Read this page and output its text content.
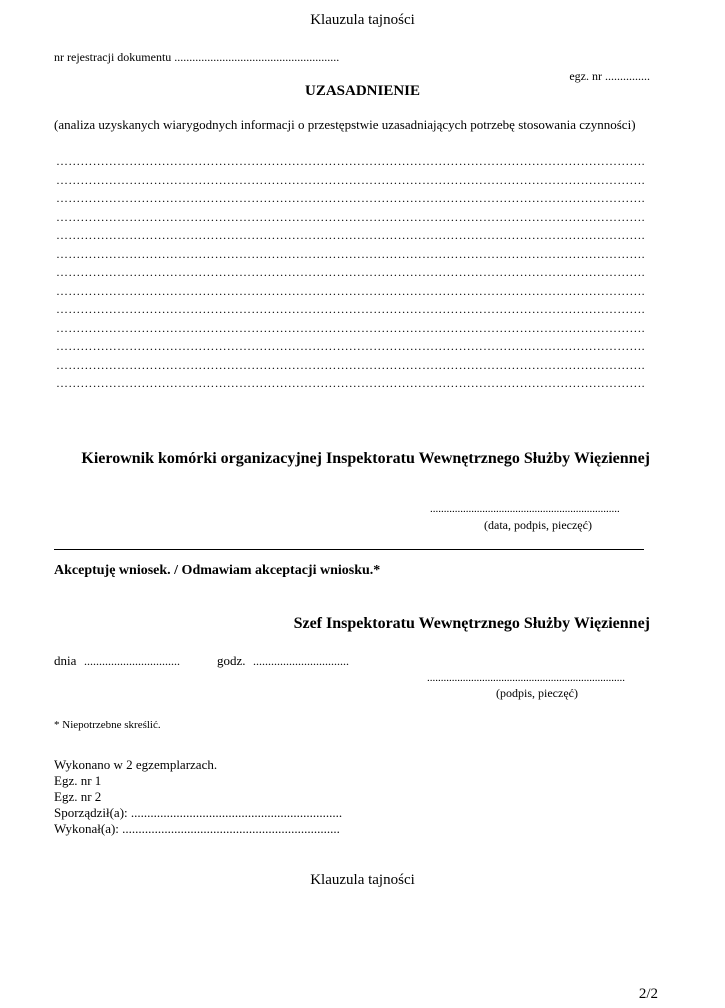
Klauzula tajności
nr rejestracji dokumentu .......................................................
egz. nr ...............
UZASADNIENIE
(analiza uzyskanych wiarygodnych informacji o przestępstwie uzasadniających potrzebę stosowania czynności)
……………………………………………………………………………………………………………………………….
……………………………………………………………………………………………………………………………….
……………………………………………………………………………………………………………………………….
……………………………………………………………………………………………………………………………….
……………………………………………………………………………………………………………………………….
……………………………………………………………………………………………………………………………….
……………………………………………………………………………………………………………………………….
……………………………………………………………………………………………………………………………….
……………………………………………………………………………………………………………………………….
……………………………………………………………………………………………………………………………….
……………………………………………………………………………………………………………………………….
……………………………………………………………………………………………………………………………….
……………………………………………………………………………………………………………………………….
Kierownik komórki organizacyjnej Inspektoratu Wewnętrznego Służby Więziennej
.....................................................................
(data, podpis, pieczęć)
Akceptuję wniosek. / Odmawiam akceptacji wniosku.*
Szef Inspektoratu Wewnętrznego Służby Więziennej
dnia ................................	godz. ................................
........................................................................
(podpis, pieczęć)
* Niepotrzebne skreślić.
Wykonano w 2 egzemplarzach.
Egz. nr 1
Egz. nr 2
Sporządził(a): .................................................................
Wykonał(a): ...................................................................
Klauzula tajności
2/2
